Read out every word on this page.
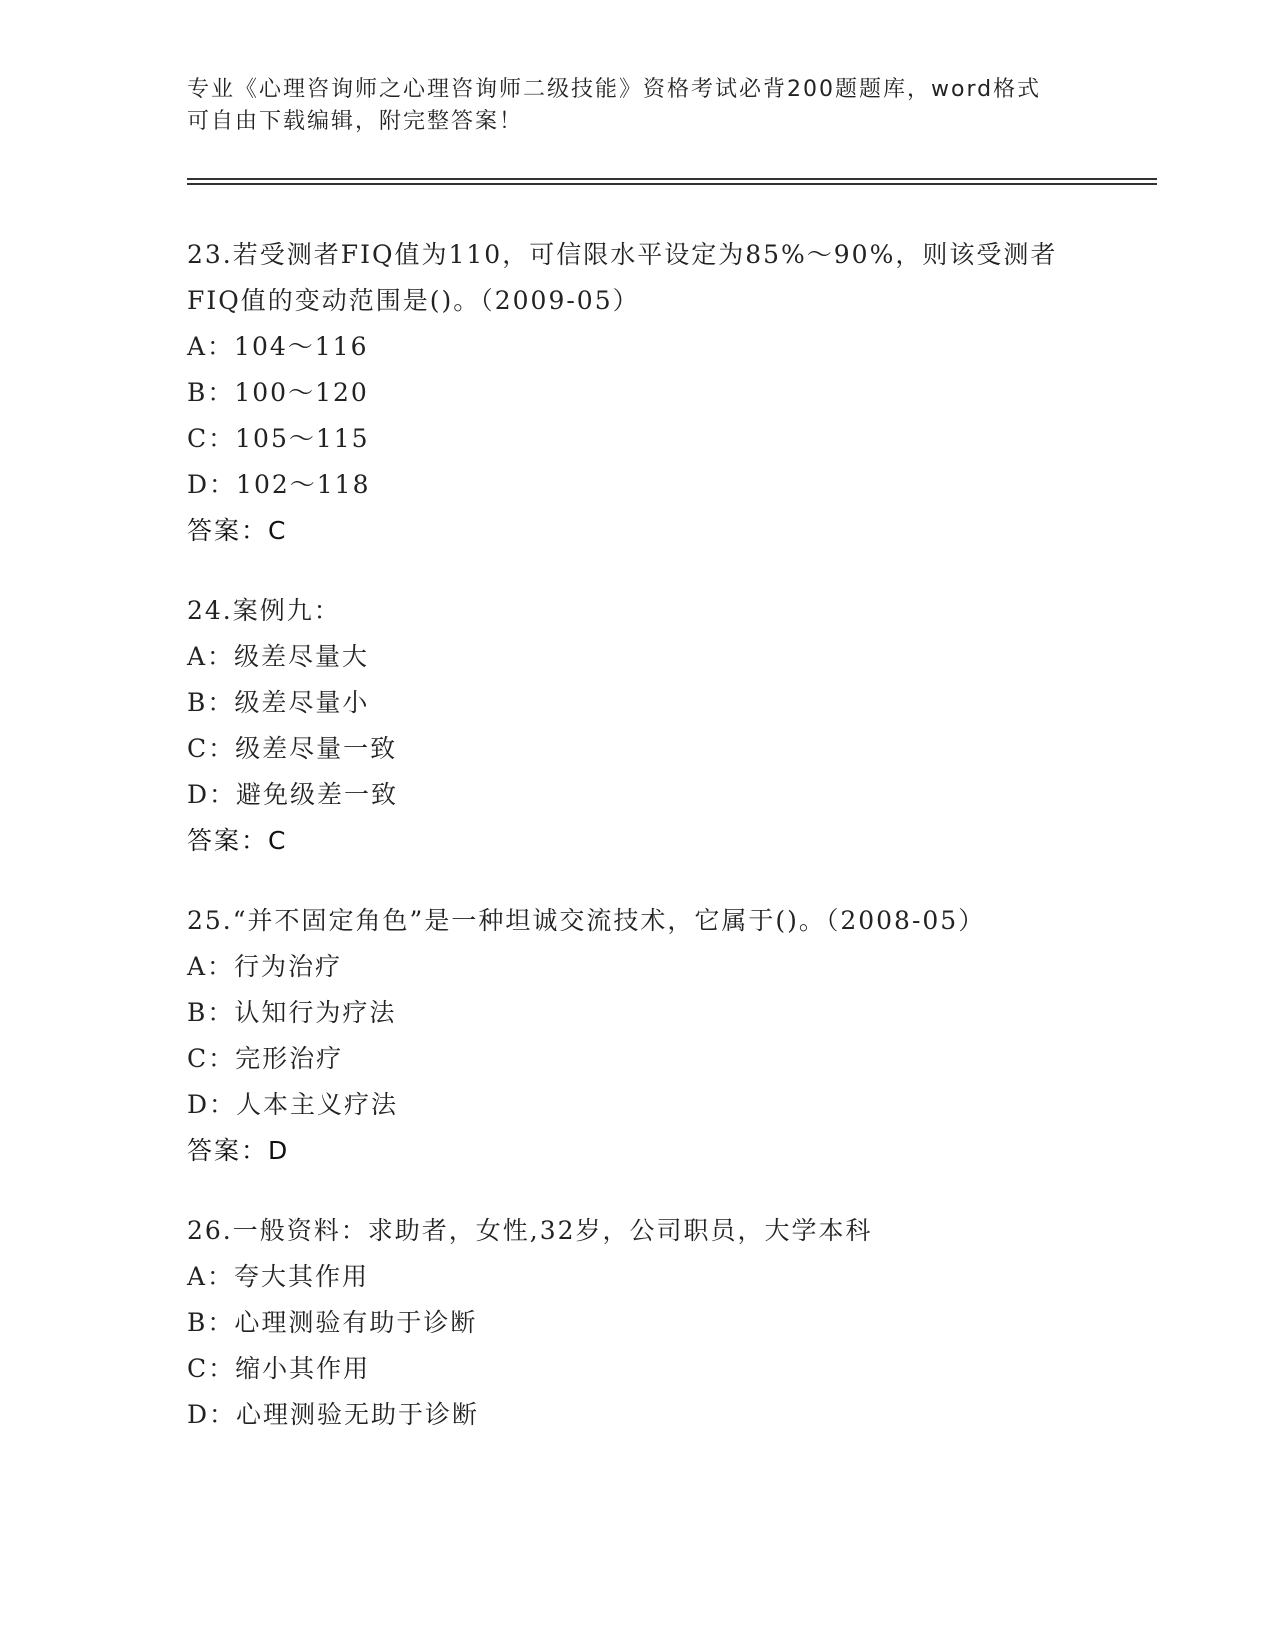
专业《心理咨询师之心理咨询师二级技能》资格考试必背200题题库，word格式
可自由下载编辑，附完整答案！
23.若受测者FIQ值为110，可信限水平设定为85%～90%，则该受测者
FIQ值的变动范围是()。（2009-05）
A：104～116
B：100～120
C：105～115
D：102～118
答案：C
24.案例九：
A：级差尽量大
B：级差尽量小
C：级差尽量一致
D：避免级差一致
答案：C
25.“并不固定角色”是一种坦诚交流技术，它属于()。（2008-05）
A：行为治疗
B：认知行为疗法
C：完形治疗
D：人本主义疗法
答案：D
26.一般资料：求助者，女性,32岁，公司职员，大学本科
A：夸大其作用
B：心理测验有助于诊断
C：缩小其作用
D：心理测验无助于诊断
